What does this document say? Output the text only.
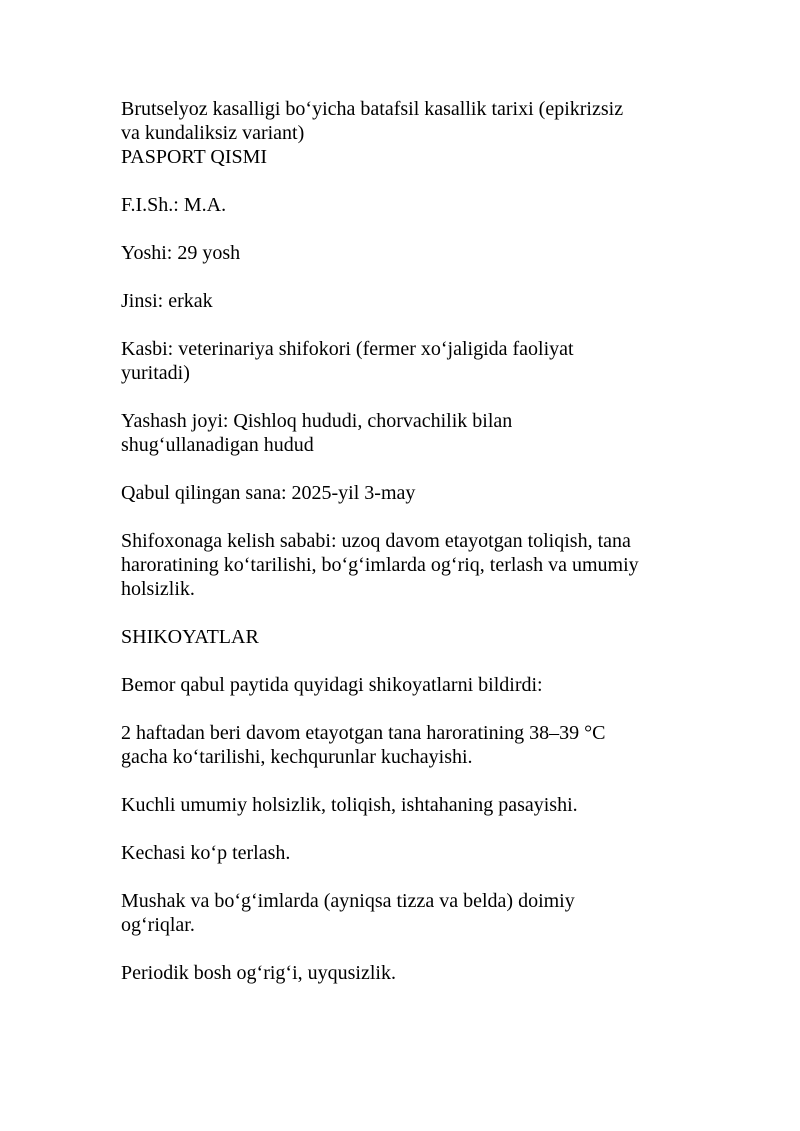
Brutselyoz kasalligi bo‘yicha batafsil kasallik tarixi (epikrizsiz
va kundaliksiz variant)

PASPORT QISMI

F.I.Sh.: M.A.

Yoshi: 29 yosh

Jinsi: erkak

Kasbi: veterinariya shifokori (fermer xo‘jaligida faoliyat
yuritadi)

Yashash joyi: Qishloq hududi, chorvachilik bilan
shug‘ullanadigan hudud

Qabul qilingan sana: 2025-yil 3-may

Shifoxonaga kelish sababi: uzoq davom etayotgan toliqish, tana
haroratining ko‘tarilishi, bo‘g‘imlarda og‘riq, terlash va umumiy
holsizlik.

SHIKOYATLAR

Bemor qabul paytida quyidagi shikoyatlarni bildirdi:

2 haftadan beri davom etayotgan tana haroratining 38–39 °C
gacha ko‘tarilishi, kechqurunlar kuchayishi.

Kuchli umumiy holsizlik, toliqish, ishtahaning pasayishi.

Kechasi ko‘p terlash.

Mushak va bo‘g‘imlarda (ayniqsa tizza va belda) doimiy
og‘riqlar.

Periodik bosh og‘rig‘i, uyqusizlik.
